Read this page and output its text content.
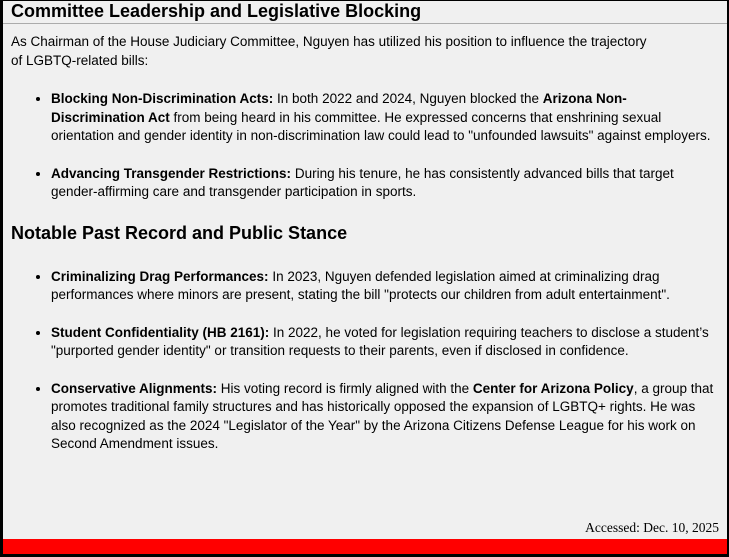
Committee Leadership and Legislative Blocking

As Chairman of the House Judiciary Committee, Nguyen has utilized his position to influence the trajectory of LGBTQ-related bills:

• Blocking Non-Discrimination Acts: In both 2022 and 2024, Nguyen blocked the Arizona Non-Discrimination Act from being heard in his committee. He expressed concerns that enshrining sexual orientation and gender identity in non-discrimination law could lead to "unfounded lawsuits" against employers.
• Advancing Transgender Restrictions: During his tenure, he has consistently advanced bills that target gender-affirming care and transgender participation in sports.
Notable Past Record and Public Stance
• Criminalizing Drag Performances: In 2023, Nguyen defended legislation aimed at criminalizing drag performances where minors are present, stating the bill "protects our children from adult entertainment".
• Student Confidentiality (HB 2161): In 2022, he voted for legislation requiring teachers to disclose a student’s "purported gender identity" or transition requests to their parents, even if disclosed in confidence.
• Conservative Alignments: His voting record is firmly aligned with the Center for Arizona Policy, a group that promotes traditional family structures and has historically opposed the expansion of LGBTQ+ rights. He was also recognized as the 2024 "Legislator of the Year" by the Arizona Citizens Defense League for his work on Second Amendment issues.
Accessed: Dec. 10, 2025
